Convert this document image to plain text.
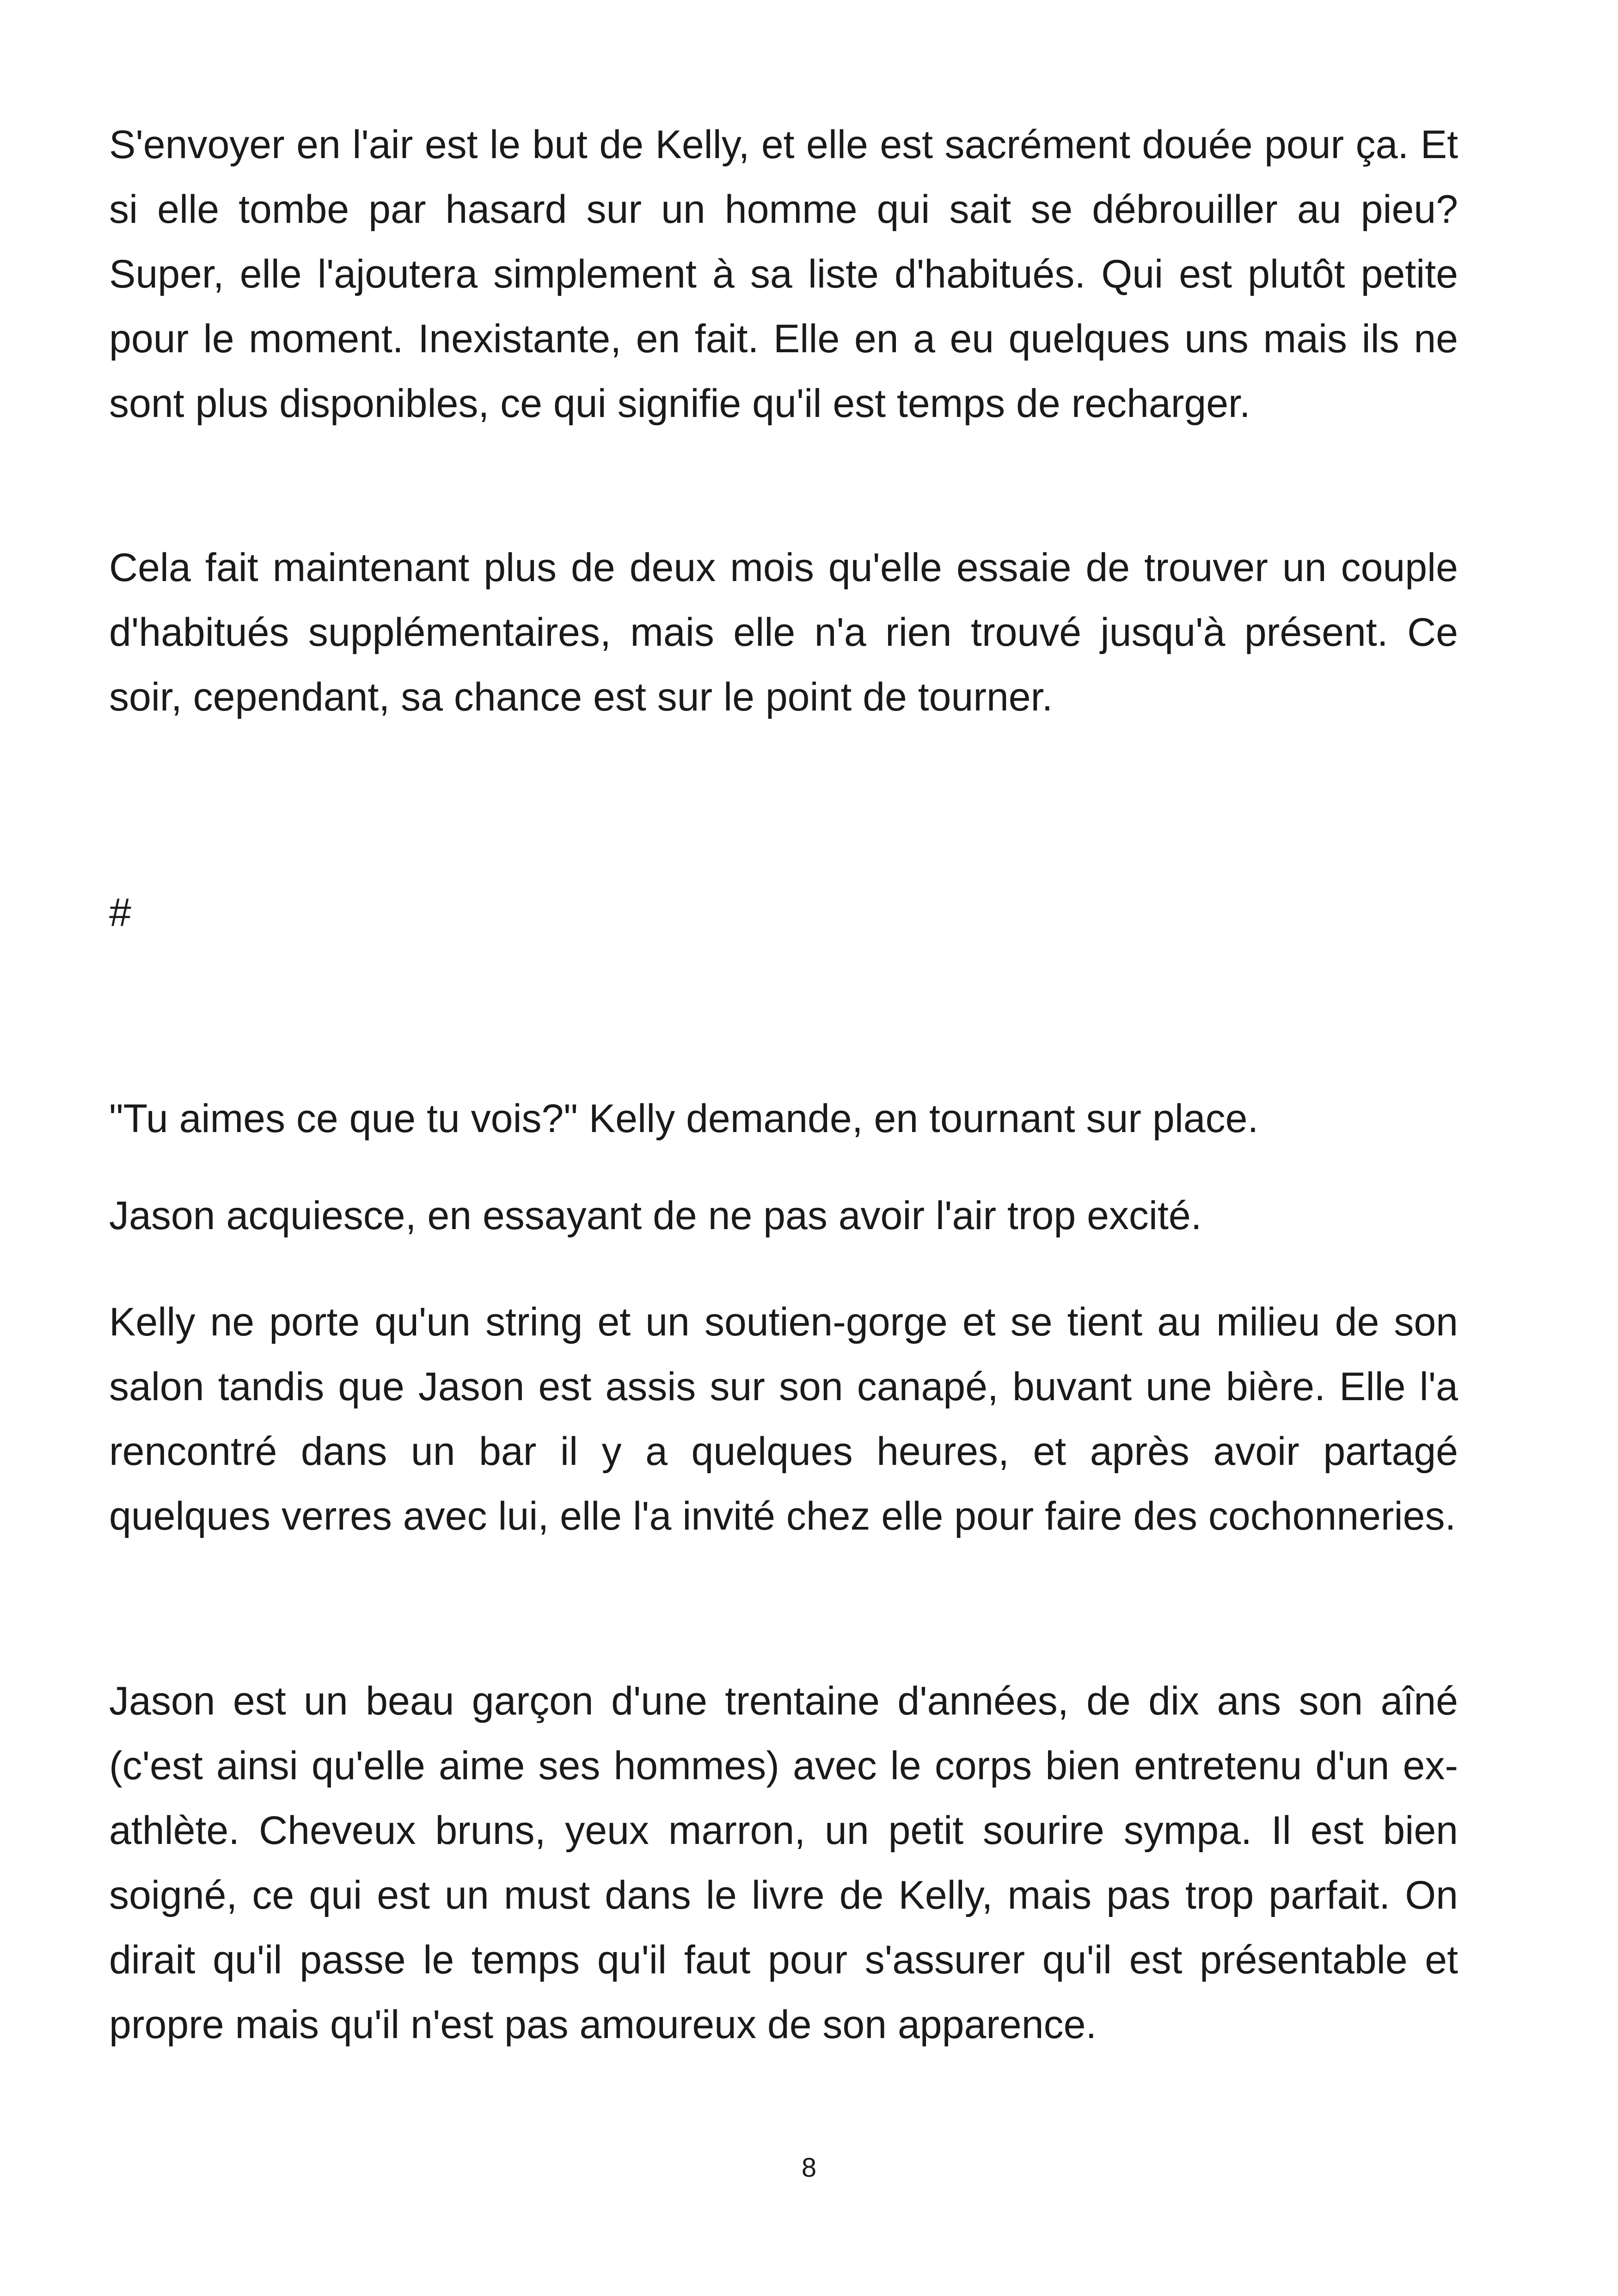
S'envoyer en l'air est le but de Kelly, et elle est sacrément douée pour ça. Et si elle tombe par hasard sur un homme qui sait se débrouiller au pieu? Super, elle l'ajoutera simplement à sa liste d'habitués. Qui est plutôt petite pour le moment. Inexistante, en fait. Elle en a eu quelques uns mais ils ne sont plus disponibles, ce qui signifie qu'il est temps de recharger.

Cela fait maintenant plus de deux mois qu'elle essaie de trouver un couple d'habitués supplémentaires, mais elle n'a rien trouvé jusqu'à présent. Ce soir, cependant, sa chance est sur le point de tourner.

#

"Tu aimes ce que tu vois?" Kelly demande, en tournant sur place.

Jason acquiesce, en essayant de ne pas avoir l'air trop excité.

Kelly ne porte qu'un string et un soutien-gorge et se tient au milieu de son salon tandis que Jason est assis sur son canapé, buvant une bière. Elle l'a rencontré dans un bar il y a quelques heures, et après avoir partagé quelques verres avec lui, elle l'a invité chez elle pour faire des cochonneries.

Jason est un beau garçon d'une trentaine d'années, de dix ans son aîné (c'est ainsi qu'elle aime ses hommes) avec le corps bien entretenu d'un ex-athlète. Cheveux bruns, yeux marron, un petit sourire sympa. Il est bien soigné, ce qui est un must dans le livre de Kelly, mais pas trop parfait. On dirait qu'il passe le temps qu'il faut pour s'assurer qu'il est présentable et propre mais qu'il n'est pas amoureux de son apparence.

8
